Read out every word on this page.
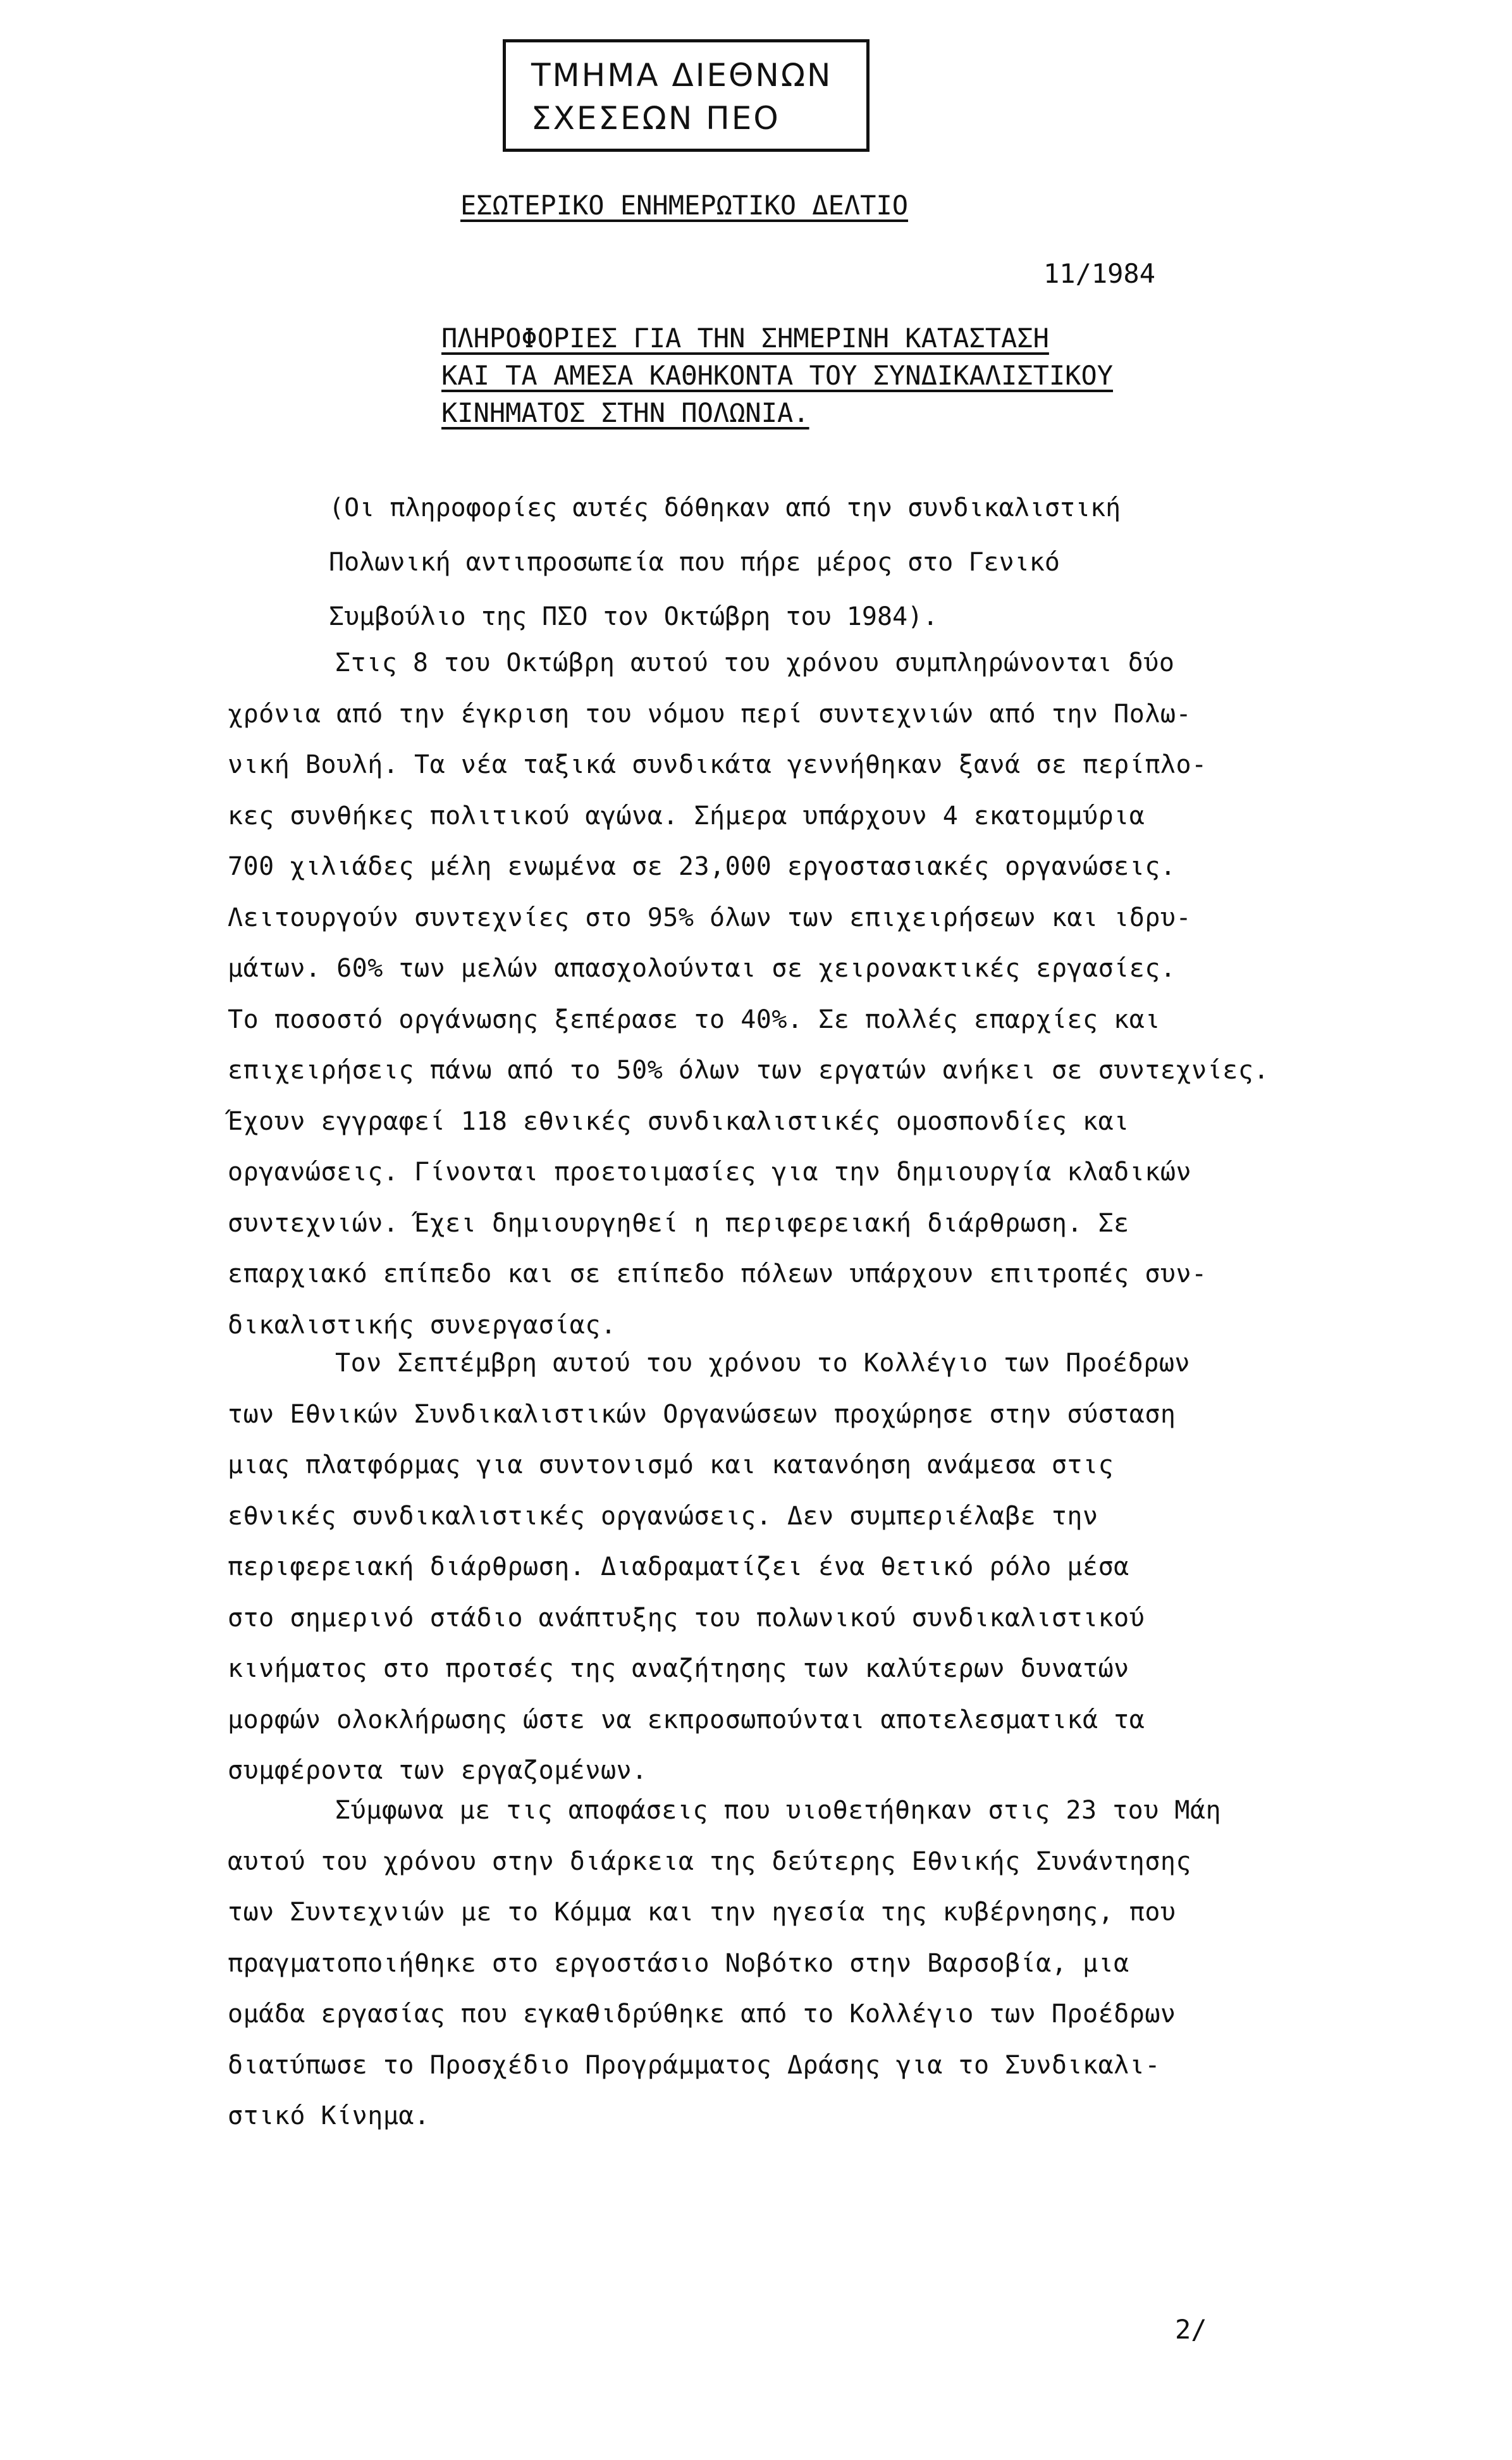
ΤΜΗΜΑ ΔΙΕΘΝΩΝ
ΣΧΕΣΕΩΝ ΠΕΟ
ΕΣΩΤΕΡΙΚΟ ΕΝΗΜΕΡΩΤΙΚΟ ΔΕΛΤΙΟ
11/1984
ΠΛΗΡΟΦΟΡΙΕΣ ΓΙΑ ΤΗΝ ΣΗΜΕΡΙΝΗ ΚΑΤΑΣΤΑΣΗ
ΚΑΙ ΤΑ ΑΜΕΣΑ ΚΑΘΗΚΟΝΤΑ ΤΟΥ ΣΥΝΔΙΚΑΛΙΣΤΙΚΟΥ
ΚΙΝΗΜΑΤΟΣ ΣΤΗΝ ΠΟΛΩΝΙΑ.
(Οι πληροφορίες αυτές δόθηκαν από την συνδικαλιστική
Πολωνική αντιπροσωπεία που πήρε μέρος στο Γενικό
Συμβούλιο της ΠΣΟ τον Οκτώβρη του 1984).
Στις 8 του Οκτώβρη αυτού του χρόνου συμπληρώνονται δύο
χρόνια από την έγκριση του νόμου περί συντεχνιών από την Πολω-
νική Βουλή. Τα νέα ταξικά συνδικάτα γεννήθηκαν ξανά σε περίπλο-
κες συνθήκες πολιτικού αγώνα. Σήμερα υπάρχουν 4 εκατομμύρια
700 χιλιάδες μέλη ενωμένα σε 23,000 εργοστασιακές οργανώσεις.
Λειτουργούν συντεχνίες στο 95% όλων των επιχειρήσεων και ιδρυ-
μάτων. 60% των μελών απασχολούνται σε χειρονακτικές εργασίες.
Το ποσοστό οργάνωσης ξεπέρασε το 40%. Σε πολλές επαρχίες και
επιχειρήσεις πάνω από το 50% όλων των εργατών ανήκει σε συντεχνίες.
Έχουν εγγραφεί 118 εθνικές συνδικαλιστικές ομοσπονδίες και
οργανώσεις. Γίνονται προετοιμασίες για την δημιουργία κλαδικών
συντεχνιών. Έχει δημιουργηθεί η περιφερειακή διάρθρωση. Σε
επαρχιακό επίπεδο και σε επίπεδο πόλεων υπάρχουν επιτροπές συν-
δικαλιστικής συνεργασίας.
Τον Σεπτέμβρη αυτού του χρόνου το Κολλέγιο των Προέδρων
των Εθνικών Συνδικαλιστικών Οργανώσεων προχώρησε στην σύσταση
μιας πλατφόρμας για συντονισμό και κατανόηση ανάμεσα στις
εθνικές συνδικαλιστικές οργανώσεις. Δεν συμπεριέλαβε την
περιφερειακή διάρθρωση. Διαδραματίζει ένα θετικό ρόλο μέσα
στο σημερινό στάδιο ανάπτυξης του πολωνικού συνδικαλιστικού
κινήματος στο προτσές της αναζήτησης των καλύτερων δυνατών
μορφών ολοκλήρωσης ώστε να εκπροσωπούνται αποτελεσματικά τα
συμφέροντα των εργαζομένων.
Σύμφωνα με τις αποφάσεις που υιοθετήθηκαν στις 23 του Μάη
αυτού του χρόνου στην διάρκεια της δεύτερης Εθνικής Συνάντησης
των Συντεχνιών με το Κόμμα και την ηγεσία της κυβέρνησης, που
πραγματοποιήθηκε στο εργοστάσιο Νοβότκο στην Βαρσοβία, μια
ομάδα εργασίας που εγκαθιδρύθηκε από το Κολλέγιο των Προέδρων
διατύπωσε το Προσχέδιο Προγράμματος Δράσης για το Συνδικαλι-
στικό Κίνημα.
2/
